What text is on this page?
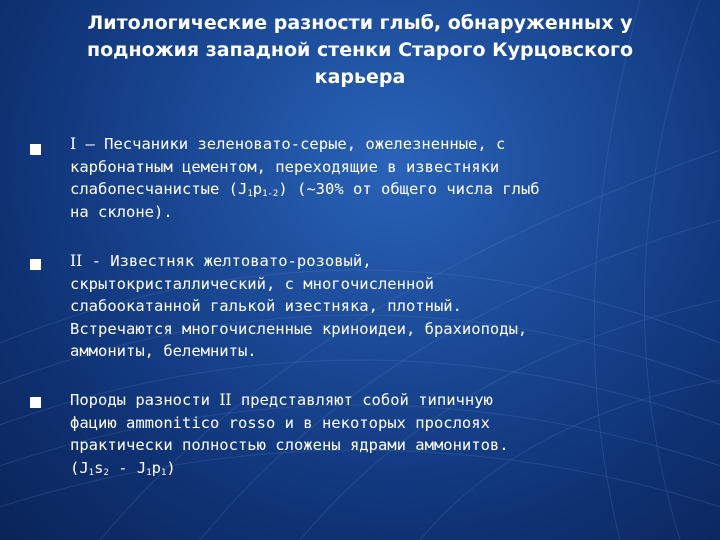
Литологические разности глыб, обнаруженных у
подножия западной стенки Старого Курцовского
карьера
I – Песчаники зеленовато-серые, ожелезненные, с
карбонатным цементом, переходящие в известняки
слабопесчанистые $(J_1p_{1-2})$ (~30% от общего числа глыб
на склоне).
II - Известняк желтовато-розовый,
скрытокристаллический, с многочисленной
слабоокатанной галькой изестняка, плотный.
Встречаются многочисленные криноидеи, брахиоподы,
аммониты, белемниты.
Породы разности II представляют собой типичную
фацию ammonitico rosso и в некоторых прослоях
практически полностью сложены ядрами аммонитов.
$(J_1s_2 - J_1p_1)$
